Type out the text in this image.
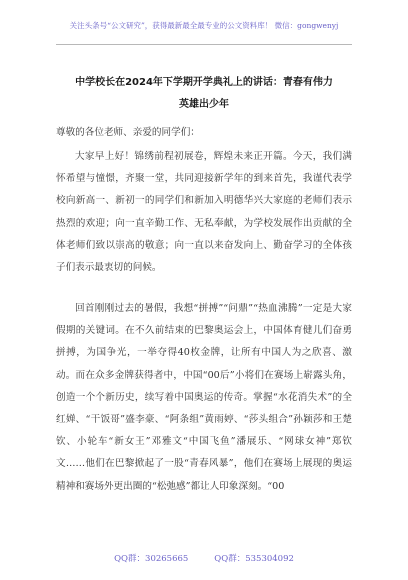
关注头条号“公文研究”，获得最新最全最专业的公文资料库！ 微信：gongwenyj
中学校长在2024年下学期开学典礼上的讲话：青春有伟力
英雄出少年
尊敬的各位老师、亲爱的同学们：

大家早上好！锦绣前程初展卷，辉煌未来正开篇。今天，我们满怀希望与憧憬，齐聚一堂，共同迎接新学年的到来首先，我谨代表学校向新高一、新初一的同学们和新加入明德华兴大家庭的老师们表示热烈的欢迎；向一直辛勤工作、无私奉献，为学校发展作出贡献的全体老师们致以崇高的敬意；向一直以来奋发向上、勤奋学习的全体孩子们表示最衷切的问候。

回首刚刚过去的暑假，我想“拼搏”“问鼎”“热血沸腾”一定是大家假期的关键词。在不久前结束的巴黎奥运会上，中国体育健儿们奋勇拼搏，为国争光，一举夺得40枚金牌，让所有中国人为之欣喜、激动。而在众多金牌获得者中，中国“00后”小将们在赛场上崭露头角，创造一个个新历史，续写着中国奥运的传奇。掌握“水花消失术”的全红婵、“干饭哥”盛李豪、“阿条组”黄雨婷、“莎头组合”孙颖莎和王楚钦、小轮车“新女王”邓雅文“中国飞鱼”潘展乐、“网球女神”郑钦文……他们在巴黎掀起了一股“青春风暴”，他们在赛场上展现的奥运精神和赛场外更出圈的“松弛感”都让人印象深刻。“00

QQ群：30265665	QQ群：535304092
